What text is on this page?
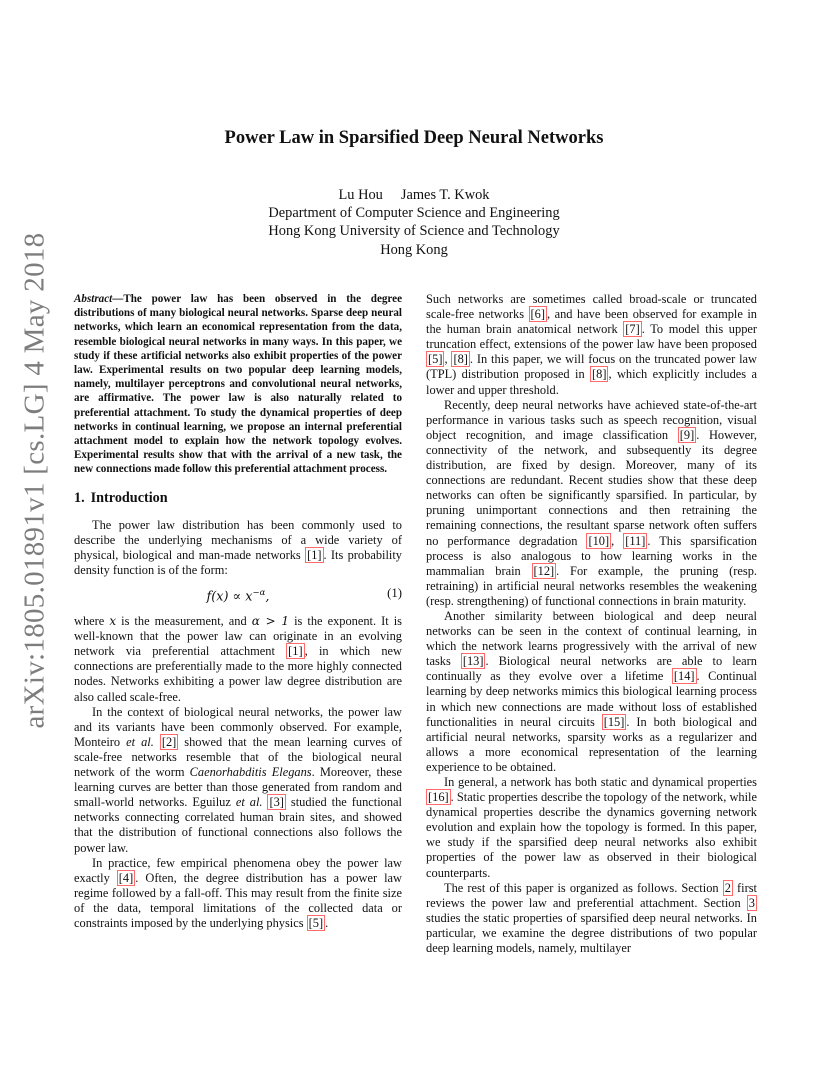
arXiv:1805.01891v1 [cs.LG] 4 May 2018
Power Law in Sparsified Deep Neural Networks
Lu Hou James T. Kwok
Department of Computer Science and Engineering
Hong Kong University of Science and Technology
Hong Kong

Abstract—The power law has been observed in the degree distributions of many biological neural networks. Sparse deep neural networks, which learn an economical representation from the data, resemble biological neural networks in many ways. In this paper, we study if these artificial networks also exhibit properties of the power law. Experimental results on two popular deep learning models, namely, multilayer perceptrons and convolutional neural networks, are affirmative. The power law is also naturally related to preferential attachment. To study the dynamical properties of deep networks in continual learning, we propose an internal preferential attachment model to explain how the network topology evolves. Experimental results show that with the arrival of a new task, the new connections made follow this preferential attachment process.

1. Introduction

The power law distribution has been commonly used to describe the underlying mechanisms of a wide variety of physical, biological and man-made networks [1] . Its probability density function is of the form:

$f(x) \propto x^{-\alpha}$,	(1)

where x is the measurement, and α > 1 is the exponent. It is well-known that the power law can originate in an evolving network via preferential attachment [1] , in which new connections are preferentially made to the more highly connected nodes. Networks exhibiting a power law degree distribution are also called scale-free.

In the context of biological neural networks, the power law and its variants have been commonly observed. For example, Monteiro et al. [2] showed that the mean learning curves of scale-free networks resemble that of the biological neural network of the worm Caenorhabditis Elegans. Moreover, these learning curves are better than those generated from random and small-world networks. Eguiluz et al. [3] studied the functional networks connecting correlated human brain sites, and showed that the distribution of functional connections also follows the power law.

In practice, few empirical phenomena obey the power law exactly [4] . Often, the degree distribution has a power law regime followed by a fall-off. This may result from the finite size of the data, temporal limitations of the collected data or constraints imposed by the underlying physics [5] .

Such networks are sometimes called broad-scale or truncated scale-free networks [6] , and have been observed for example in the human brain anatomical network [7] . To model this upper truncation effect, extensions of the power law have been proposed [5] , [8] . In this paper, we will focus on the truncated power law (TPL) distribution proposed in [8] , which explicitly includes a lower and upper threshold.

Recently, deep neural networks have achieved state-of-the-art performance in various tasks such as speech recognition, visual object recognition, and image classification [9] . However, connectivity of the network, and subsequently its degree distribution, are fixed by design. Moreover, many of its connections are redundant. Recent studies show that these deep networks can often be significantly sparsified. In particular, by pruning unimportant connections and then retraining the remaining connections, the resultant sparse network often suffers no performance degradation [10] , [11] . This sparsification process is also analogous to how learning works in the mammalian brain [12] . For example, the pruning (resp. retraining) in artificial neural networks resembles the weakening (resp. strengthening) of functional connections in brain maturity.

Another similarity between biological and deep neural networks can be seen in the context of continual learning, in which the network learns progressively with the arrival of new tasks [13] . Biological neural networks are able to learn continually as they evolve over a lifetime [14] . Continual learning by deep networks mimics this biological learning process in which new connections are made without loss of established functionalities in neural circuits [15] . In both biological and artificial neural networks, sparsity works as a regularizer and allows a more economical representation of the learning experience to be obtained.

In general, a network has both static and dynamical properties [16] . Static properties describe the topology of the network, while dynamical properties describe the dynamics governing network evolution and explain how the topology is formed. In this paper, we study if the sparsified deep neural networks also exhibit properties of the power law as observed in their biological counterparts.

The rest of this paper is organized as follows. Section 2 first reviews the power law and preferential attachment. Section 3 studies the static properties of sparsified deep neural networks. In particular, we examine the degree distributions of two popular deep learning models, namely, multilayer
